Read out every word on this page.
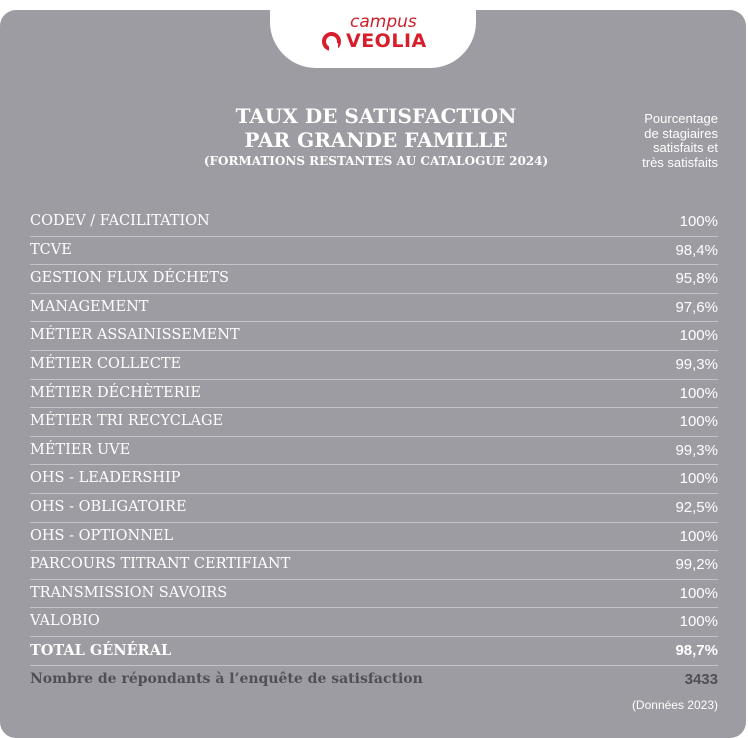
campus
VEOLIA
TAUX DE SATISFACTION
PAR GRANDE FAMILLE
(FORMATIONS RESTANTES AU CATALOGUE 2024)
Pourcentage
de stagiaires
satisfaits et
très satisfaits
CODEV / FACILITATION	100%
TCVE	98,4%
GESTION FLUX DÉCHETS	95,8%
MANAGEMENT	97,6%
MÉTIER ASSAINISSEMENT	100%
MÉTIER COLLECTE	99,3%
MÉTIER DÉCHÈTERIE	100%
MÉTIER TRI RECYCLAGE	100%
MÉTIER UVE	99,3%
OHS - LEADERSHIP	100%
OHS - OBLIGATOIRE	92,5%
OHS - OPTIONNEL	100%
PARCOURS TITRANT CERTIFIANT	99,2%
TRANSMISSION SAVOIRS	100%
VALOBIO	100%
TOTAL GÉNÉRAL	98,7%
Nombre de répondants à l’enquête de satisfaction	3433
(Données 2023)
